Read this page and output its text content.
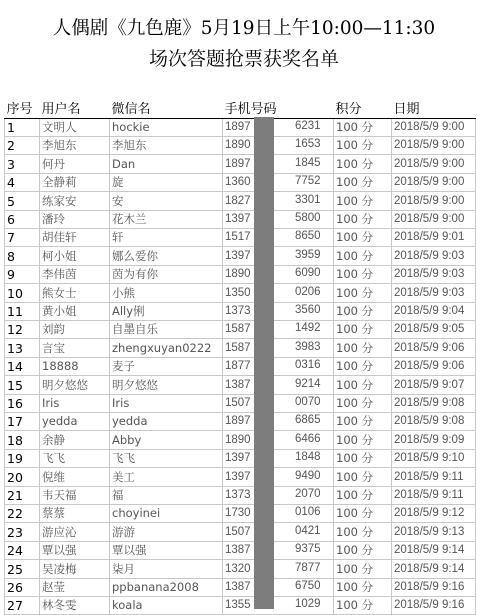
人偶剧《九色鹿》5月19日上午10:00—11:30
场次答题抢票获奖名单
序号	用户名	微信名	手机号码	积分	日期
1	文明人	hockie	1897 6231	100 分	2018/5/9 9:00
2	李旭东	李旭东	1890 1653	100 分	2018/5/9 9:00
3	何丹	Dan	1897 1845	100 分	2018/5/9 9:00
4	全静莉	旋	1360 7752	100 分	2018/5/9 9:00
5	练家安	安	1827 3301	100 分	2018/5/9 9:00
6	潘玲	花木兰	1397 5800	100 分	2018/5/9 9:00
7	胡佳轩	轩	1517 8650	100 分	2018/5/9 9:01
8	柯小姐	娜么爱你	1397 3959	100 分	2018/5/9 9:03
9	李伟茵	茵为有你	1890 6090	100 分	2018/5/9 9:03
10	熊女士	小熊	1350 0206	100 分	2018/5/9 9:03
11	黄小姐	Ally俐	1373 3560	100 分	2018/5/9 9:04
12	刘韵	自墨自乐	1587 1492	100 分	2018/5/9 9:05
13	言宝	zhengxuyan0222	1587 3983	100 分	2018/5/9 9:06
14	18888	麦子	1877 0316	100 分	2018/5/9 9:06
15	明夕悠悠	明夕悠悠	1387 9214	100 分	2018/5/9 9:07
16	Iris	Iris	1507 0070	100 分	2018/5/9 9:08
17	yedda	yedda	1897 6865	100 分	2018/5/9 9:08
18	余静	Abby	1890 6466	100 分	2018/5/9 9:09
19	飞飞	飞飞	1397 1848	100 分	2018/5/9 9:10
20	倪维	美工	1397 9490	100 分	2018/5/9 9:11
21	韦天福	福	1373 2070	100 分	2018/5/9 9:11
22	蔡蔡	choyinei	1730 0106	100 分	2018/5/9 9:12
23	游应沁	游游	1507 0421	100 分	2018/5/9 9:13
24	覃以强	覃以强	1387 9375	100 分	2018/5/9 9:14
25	吴凌梅	柒月	1320 7877	100 分	2018/5/9 9:14
26	赵莹	ppbanana2008	1387 6750	100 分	2018/5/9 9:16
27	林冬雯	koala	1355 1029	100 分	2018/5/9 9:16
